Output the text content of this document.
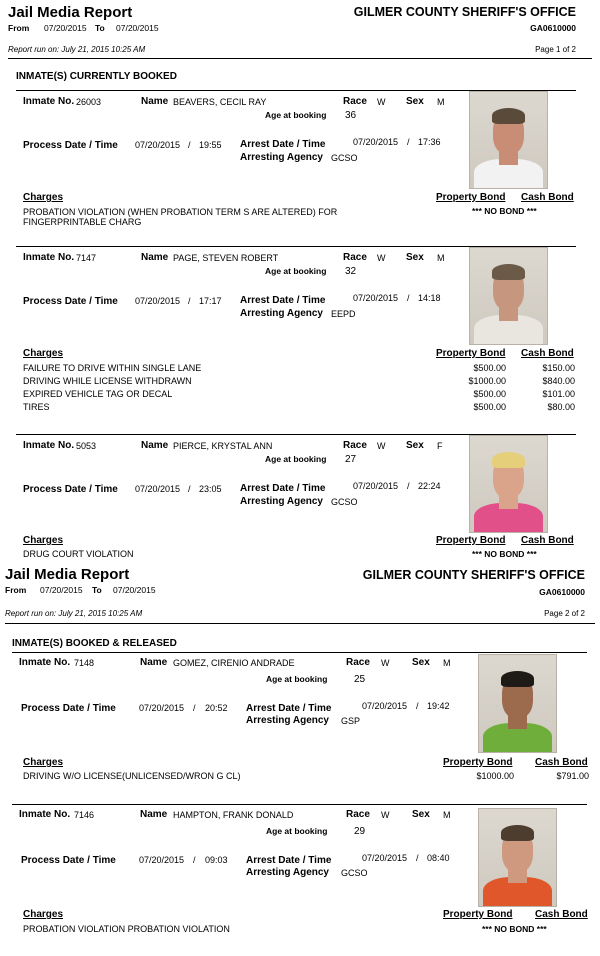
Jail Media Report	GILMER COUNTY SHERIFF'S OFFICE
From 07/20/2015 To 07/20/2015	GA0610000
Report run on: July 21, 2015 10:25 AM	Page 1 of 2
INMATE(S) CURRENTLY BOOKED
Inmate No. 26003	Name BEAVERS, CECIL RAY	Race W Sex M
Age at booking 36
Process Date / Time 07/20/2015 / 19:55 Arrest Date / Time	07/20/2015 / 17:36
Arresting Agency GCSO
Charges	Property Bond Cash Bond
PROBATION VIOLATION (WHEN PROBATION TERM S ARE ALTERED) FOR
FINGERPRINTABLE CHARG
*** NO BOND ***
Inmate No. 7147	Name PAGE, STEVEN ROBERT	Race W Sex M
Age at booking 32
Process Date / Time 07/20/2015 / 17:17 Arrest Date / Time	07/20/2015 / 14:18
Arresting Agency EEPD
Charges	Property Bond Cash Bond
FAILURE TO DRIVE WITHIN SINGLE LANE	$500.00	$150.00
DRIVING WHILE LICENSE WITHDRAWN	$1000.00	$840.00
EXPIRED VEHICLE TAG OR DECAL	$500.00	$101.00
TIRES	$500.00	$80.00
Inmate No. 5053	Name PIERCE, KRYSTAL ANN	Race W Sex F
Age at booking 27
Process Date / Time 07/20/2015 / 23:05 Arrest Date / Time	07/20/2015 / 22:24
Arresting Agency GCSO
Charges	Property Bond Cash Bond
DRUG COURT VIOLATION	*** NO BOND ***
Jail Media Report	GILMER COUNTY SHERIFF'S OFFICE
From 07/20/2015 To 07/20/2015	GA0610000
Report run on: July 21, 2015 10:25 AM	Page 2 of 2
INMATE(S) BOOKED & RELEASED
Inmate No. 7148	Name GOMEZ, CIRENIO ANDRADE	Race W Sex M
Age at booking	25
Process Date / Time	07/20/2015 / 20:52 Arrest Date / Time	07/20/2015 / 19:42
Arresting Agency GSP
Charges	Property Bond Cash Bond
DRIVING W/O LICENSE(UNLICENSED/WRON G CL)	$1000.00	$791.00
Inmate No. 7146	Name HAMPTON, FRANK DONALD	Race W Sex M
Age at booking	29
Process Date / Time	07/20/2015 / 09:03 Arrest Date / Time	07/20/2015 / 08:40
Arresting Agency GCSO
Charges	Property Bond Cash Bond
PROBATION VIOLATION PROBATION VIOLATION	*** NO BOND ***
